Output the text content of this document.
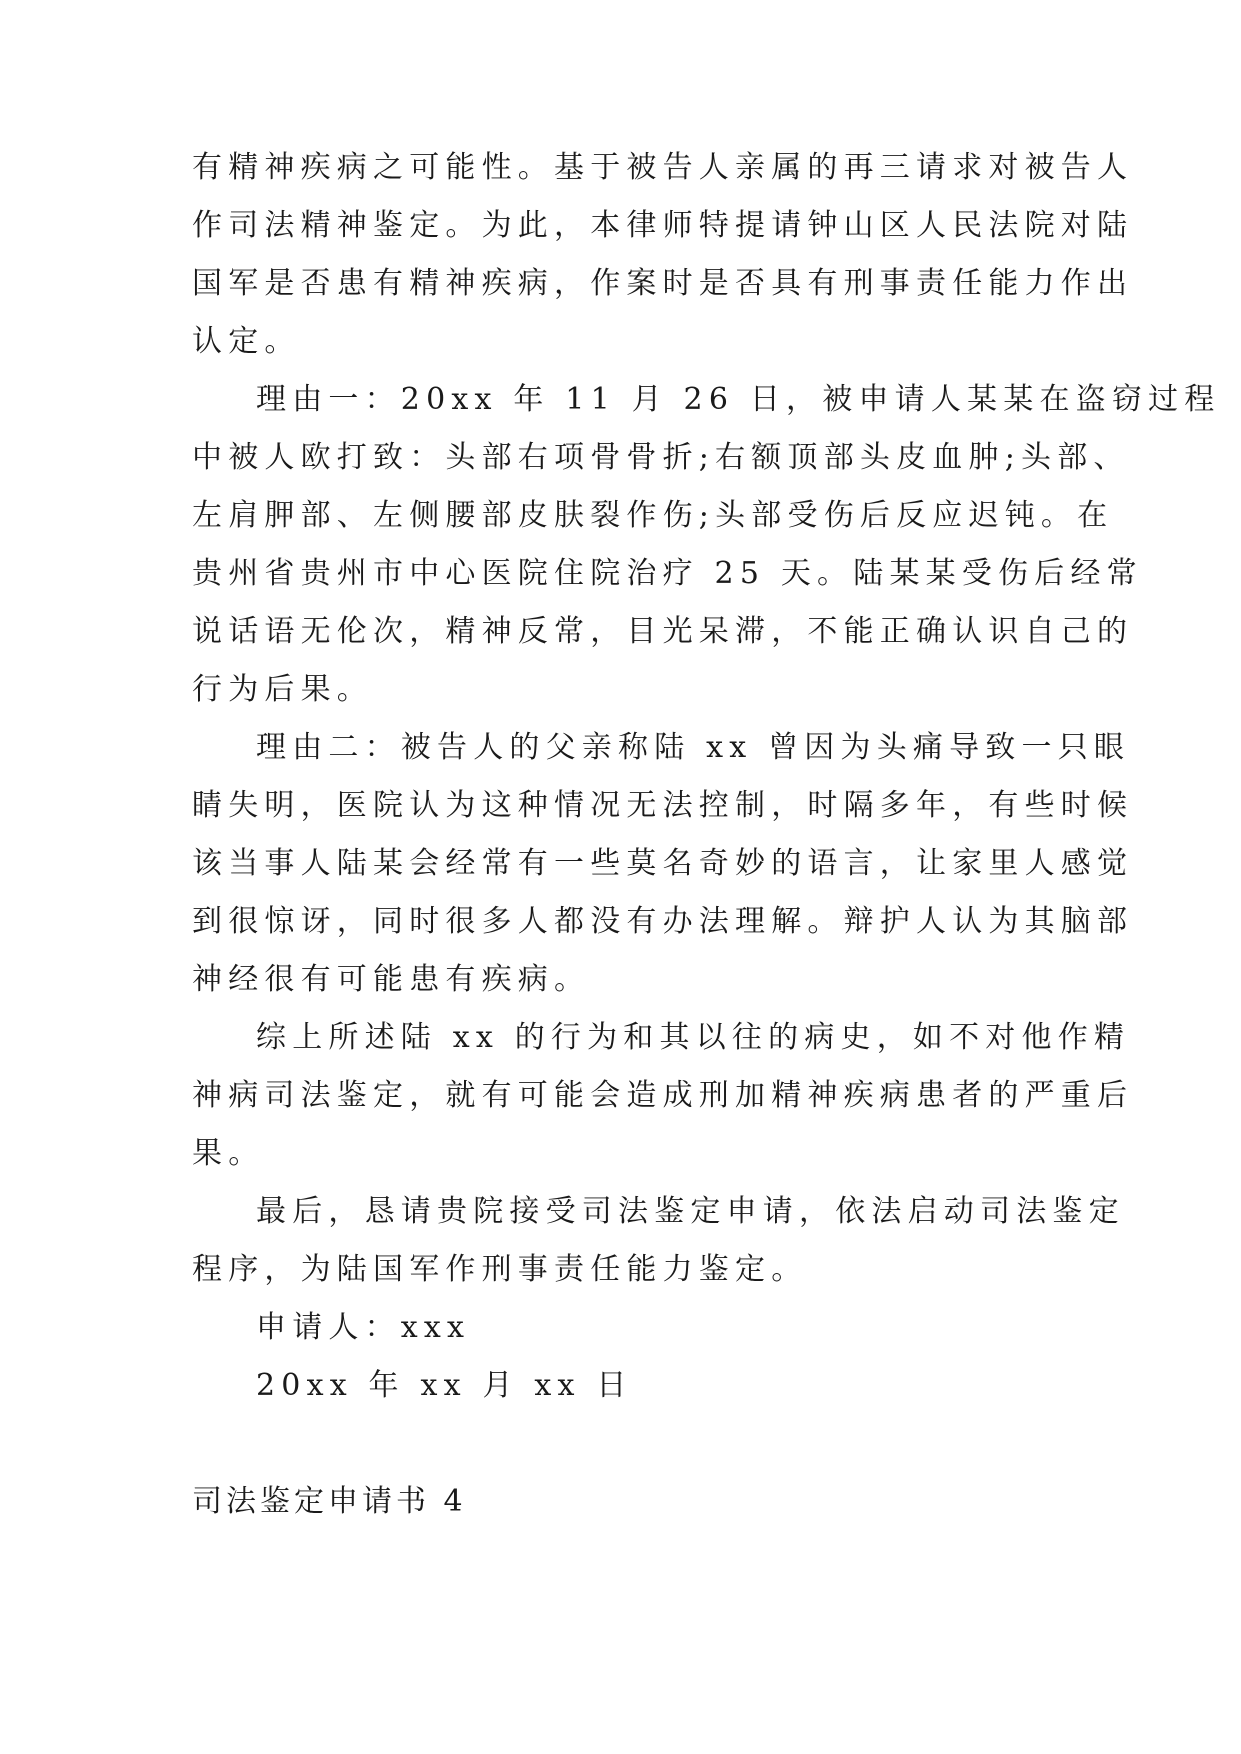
有精神疾病之可能性。基于被告人亲属的再三请求对被告人
作司法精神鉴定。为此，本律师特提请钟山区人民法院对陆
国军是否患有精神疾病，作案时是否具有刑事责任能力作出
认定。
理由一：20xx 年 11 月 26 日，被申请人某某在盗窃过程
中被人欧打致：头部右项骨骨折;右额顶部头皮血肿;头部、
左肩胛部、左侧腰部皮肤裂作伤;头部受伤后反应迟钝。在
贵州省贵州市中心医院住院治疗 25 天。陆某某受伤后经常
说话语无伦次，精神反常，目光呆滞，不能正确认识自己的
行为后果。
理由二：被告人的父亲称陆 xx 曾因为头痛导致一只眼
睛失明，医院认为这种情况无法控制，时隔多年，有些时候
该当事人陆某会经常有一些莫名奇妙的语言，让家里人感觉
到很惊讶，同时很多人都没有办法理解。辩护人认为其脑部
神经很有可能患有疾病。
综上所述陆 xx 的行为和其以往的病史，如不对他作精
神病司法鉴定，就有可能会造成刑加精神疾病患者的严重后
果。
最后，恳请贵院接受司法鉴定申请，依法启动司法鉴定
程序，为陆国军作刑事责任能力鉴定。
申请人：xxx
20xx 年 xx 月 xx 日
司法鉴定申请书 4
